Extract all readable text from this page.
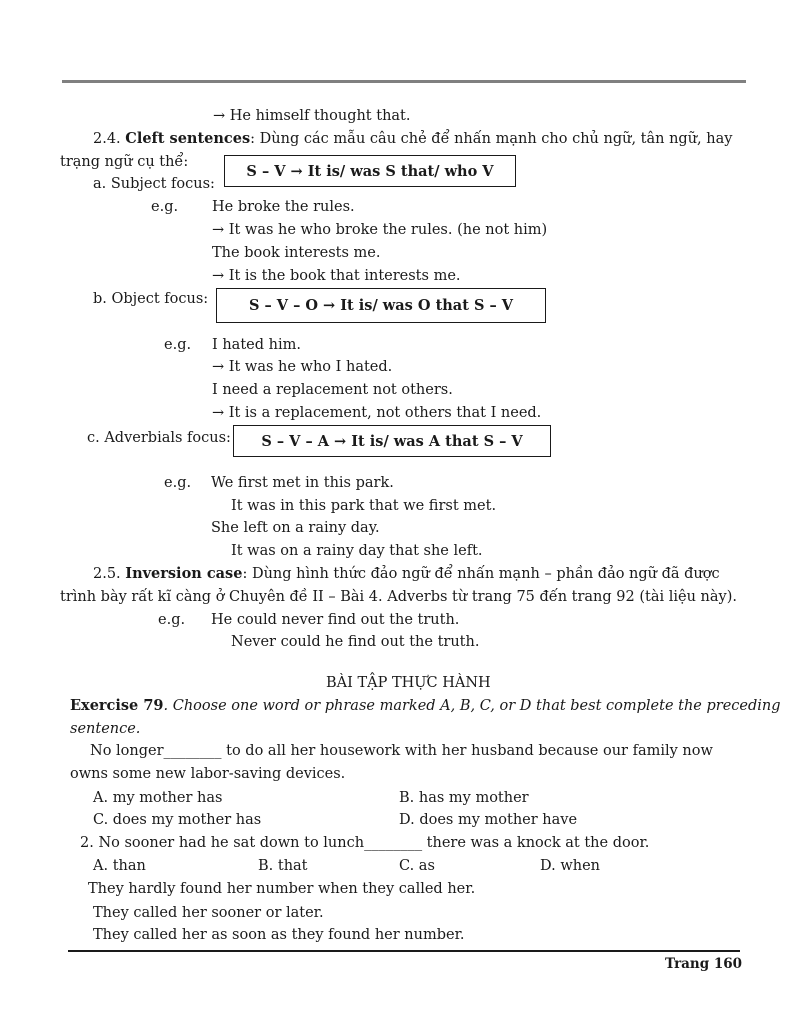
→ He himself thought that.
2.4. Cleft sentences: Dùng các mẫu câu chẻ để nhấn mạnh cho chủ ngữ, tân ngữ, hay
trạng ngữ cụ thể:
a. Subject focus:
S – V → It is/ was S that/ who V
e.g. He broke the rules.
→ It was he who broke the rules. (he not him)
The book interests me.
→ It is the book that interests me.
b. Object focus:	S – V – O → It is/ was O that S – V
e.g. I hated him.
→ It was he who I hated.
I need a replacement not others.
→ It is a replacement, not others that I need.
c. Adverbials focus:	S – V – A → It is/ was A that S – V
e.g. We first met in this park.
It was in this park that we first met.
She left on a rainy day.
It was on a rainy day that she left.
2.5. Inversion case: Dùng hình thức đảo ngữ để nhấn mạnh – phần đảo ngữ đã được
trình bày rất kĩ càng ở Chuyên đề II – Bài 4. Adverbs từ trang 75 đến trang 92 (tài liệu này).
e.g. He could never find out the truth.
Never could he find out the truth.
BÀI TẬP THỰC HÀNH
Exercise 79. Choose one word or phrase marked A, B, C, or D that best complete the preceding
sentence.
No longer________ to do all her housework with her husband because our family now
owns some new labor-saving devices.
A. my mother has	B. has my mother
C. does my mother has	D. does my mother have
2. No sooner had he sat down to lunch________ there was a knock at the door.
A. than	B. that	C. as	D. when
They hardly found her number when they called her.
They called her sooner or later.
They called her as soon as they found her number.
Trang 160
